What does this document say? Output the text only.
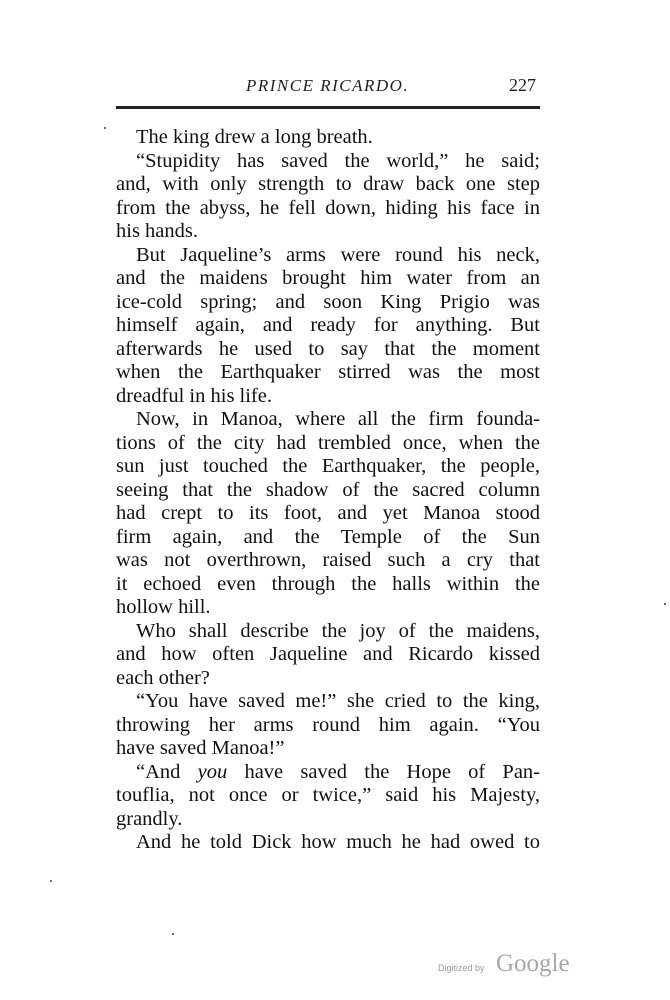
PRINCE RICARDO.	227
The king drew a long breath.
“Stupidity has saved the world,” he said;
and, with only strength to draw back one step
from the abyss, he fell down, hiding his face in
his hands.
But Jaqueline’s arms were round his neck,
and the maidens brought him water from an
ice-cold spring; and soon King Prigio was
himself again, and ready for anything. But
afterwards he used to say that the moment
when the Earthquaker stirred was the most
dreadful in his life.
Now, in Manoa, where all the firm founda-
tions of the city had trembled once, when the
sun just touched the Earthquaker, the people,
seeing that the shadow of the sacred column
had crept to its foot, and yet Manoa stood
firm again, and the Temple of the Sun
was not overthrown, raised such a cry that
it echoed even through the halls within the
hollow hill.
Who shall describe the joy of the maidens,
and how often Jaqueline and Ricardo kissed
each other?
“You have saved me!” she cried to the king,
throwing her arms round him again. “You
have saved Manoa!”
“And you have saved the Hope of Pan-
touflia, not once or twice,” said his Majesty,
grandly.
And he told Dick how much he had owed to
Digitized by Google
